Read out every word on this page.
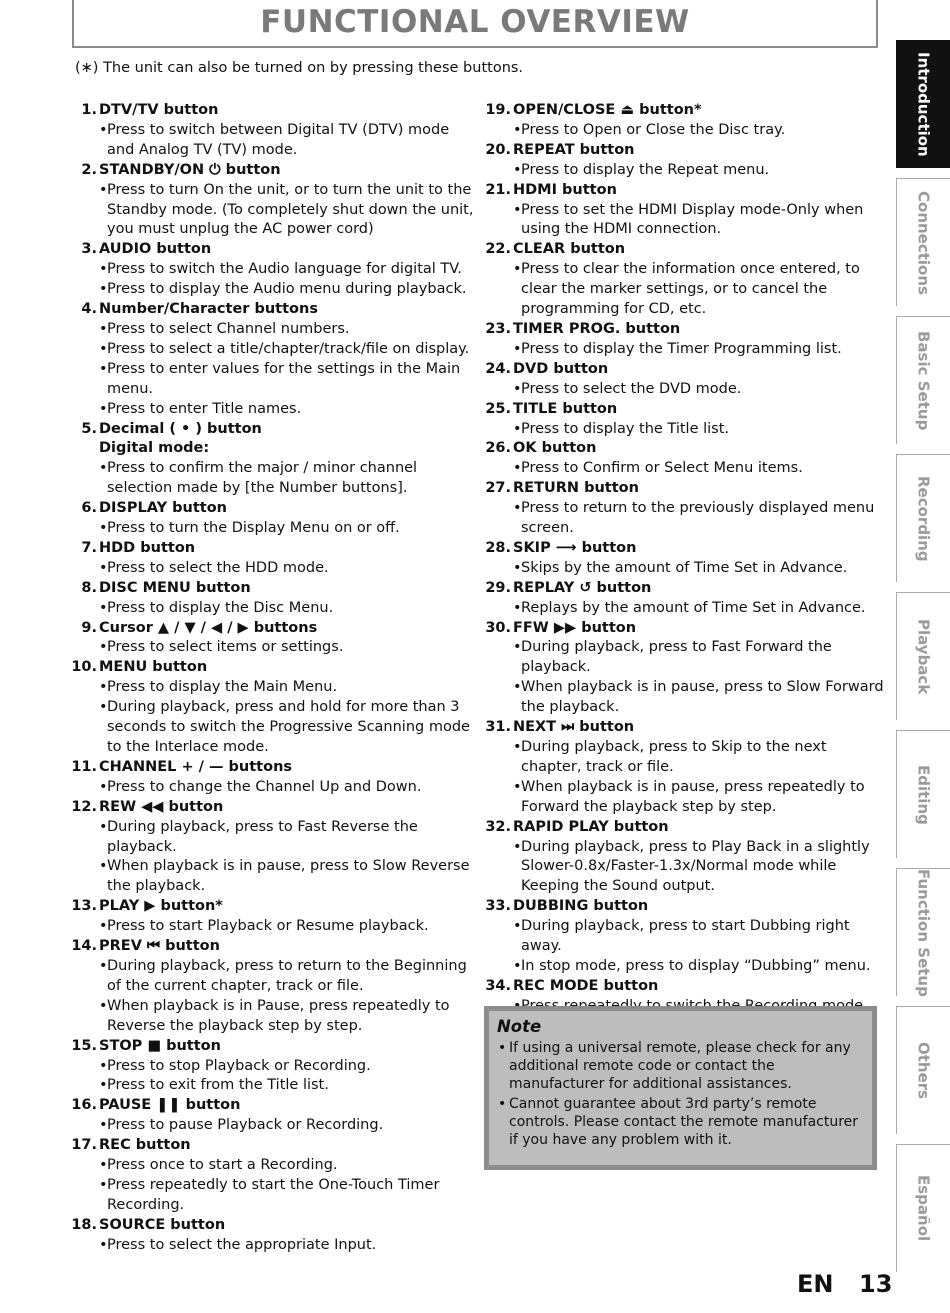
FUNCTIONAL OVERVIEW
(∗) The unit can also be turned on by pressing these buttons.
1. DTV/TV button
• Press to switch between Digital TV (DTV) mode and Analog TV (TV) mode.
2. STANDBY/ON ⏻ button
• Press to turn On the unit, or to turn the unit to the Standby mode. (To completely shut down the unit, you must unplug the AC power cord)
3. AUDIO button
• Press to switch the Audio language for digital TV.
• Press to display the Audio menu during playback.
4. Number/Character buttons
• Press to select Channel numbers.
• Press to select a title/chapter/track/file on display.
• Press to enter values for the settings in the Main menu.
• Press to enter Title names.
5. Decimal ( • ) button
Digital mode:
• Press to confirm the major / minor channel selection made by [the Number buttons].
6. DISPLAY button
• Press to turn the Display Menu on or off.
7. HDD button
• Press to select the HDD mode.
8. DISC MENU button
• Press to display the Disc Menu.
9. Cursor ▲ / ▼ / ◀ / ▶ buttons
• Press to select items or settings.
10. MENU button
• Press to display the Main Menu.
• During playback, press and hold for more than 3 seconds to switch the Progressive Scanning mode to the Interlace mode.
11. CHANNEL + / — buttons
• Press to change the Channel Up and Down.
12. REW ◀◀ button
• During playback, press to Fast Reverse the playback.
• When playback is in pause, press to Slow Reverse the playback.
13. PLAY ▶ button*
• Press to start Playback or Resume playback.
14. PREV ⏮ button
• During playback, press to return to the Beginning of the current chapter, track or file.
• When playback is in Pause, press repeatedly to Reverse the playback step by step.
15. STOP ■ button
• Press to stop Playback or Recording.
• Press to exit from the Title list.
16. PAUSE ❚❚ button
• Press to pause Playback or Recording.
17. REC button
• Press once to start a Recording.
• Press repeatedly to start the One-Touch Timer Recording.
18. SOURCE button
• Press to select the appropriate Input.
19. OPEN/CLOSE ⏏ button*
• Press to Open or Close the Disc tray.
20. REPEAT button
• Press to display the Repeat menu.
21. HDMI button
• Press to set the HDMI Display mode-Only when using the HDMI connection.
22. CLEAR button
• Press to clear the information once entered, to clear the marker settings, or to cancel the programming for CD, etc.
23. TIMER PROG. button
• Press to display the Timer Programming list.
24. DVD button
• Press to select the DVD mode.
25. TITLE button
• Press to display the Title list.
26. OK button
• Press to Confirm or Select Menu items.
27. RETURN button
• Press to return to the previously displayed menu screen.
28. SKIP ⟶ button
• Skips by the amount of Time Set in Advance.
29. REPLAY ↺ button
• Replays by the amount of Time Set in Advance.
30. FFW ▶▶ button
• During playback, press to Fast Forward the playback.
• When playback is in pause, press to Slow Forward the playback.
31. NEXT ⏭ button
• During playback, press to Skip to the next chapter, track or file.
• When playback is in pause, press repeatedly to Forward the playback step by step.
32. RAPID PLAY button
• During playback, press to Play Back in a slightly Slower-0.8x/Faster-1.3x/Normal mode while Keeping the Sound output.
33. DUBBING button
• During playback, press to start Dubbing right away.
• In stop mode, press to display “Dubbing” menu.
34. REC MODE button
•
Note
• If using a universal remote, please check for any additional remote code or contact the manufacturer for additional assistances.
• Cannot guarantee about 3rd party’s remote controls. Please contact the remote manufacturer if you have any problem with it.
Introduction
Connections
Basic Setup
Recording
Playback
Editing
Function Setup
Others
Español
EN 13
